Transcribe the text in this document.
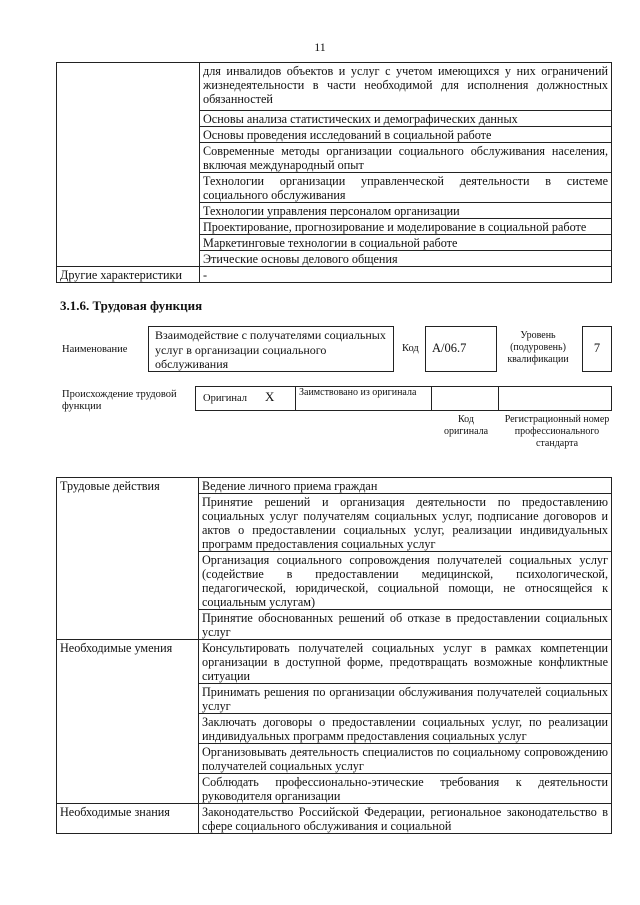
11
	для инвалидов объектов и услуг с учетом имеющихся у них ограничений жизнедеятельности в части необходимой для исполнения должностных обязанностей
	Основы анализа статистических и демографических данных
	Основы проведения исследований в социальной работе
	Современные методы организации социального обслуживания населения, включая международный опыт
	Технологии организации управленческой деятельности в системе социального обслуживания
	Технологии управления персоналом организации
	Проектирование, прогнозирование и моделирование в социальной работе
	Маркетинговые технологии в социальной работе
	Этические основы делового общения
Другие характеристики	-
3.1.6. Трудовая функция
Наименование
Взаимодействие с получателями социальных услуг в организации социального обслуживания
Код	А/06.7
Уровень (подуровень) квалификации
7
Происхождение трудовой функции
Оригинал X Заимствовано из оригинала
Код оригинала
Регистрационный номер профессионального стандарта
Трудовые действия	Ведение личного приема граждан
	Принятие решений и организация деятельности по предоставлению социальных услуг получателям социальных услуг, подписание договоров и актов о предоставлении социальных услуг, реализации индивидуальных программ предоставления социальных услуг
	Организация социального сопровождения получателей социальных услуг (содействие в предоставлении медицинской, психологической, педагогической, юридической, социальной помощи, не относящейся к социальным услугам)
	Принятие обоснованных решений об отказе в предоставлении социальных услуг
Необходимые умения	Консультировать получателей социальных услуг в рамках компетенции организации в доступной форме, предотвращать возможные конфликтные ситуации
	Принимать решения по организации обслуживания получателей социальных услуг
	Заключать договоры о предоставлении социальных услуг, по реализации индивидуальных программ предоставления социальных услуг
	Организовывать деятельность специалистов по социальному сопровождению получателей социальных услуг
	Соблюдать профессионально-этические требования к деятельности руководителя организации
Необходимые знания	Законодательство Российской Федерации, региональное законодательство в сфере социального обслуживания и социальной
